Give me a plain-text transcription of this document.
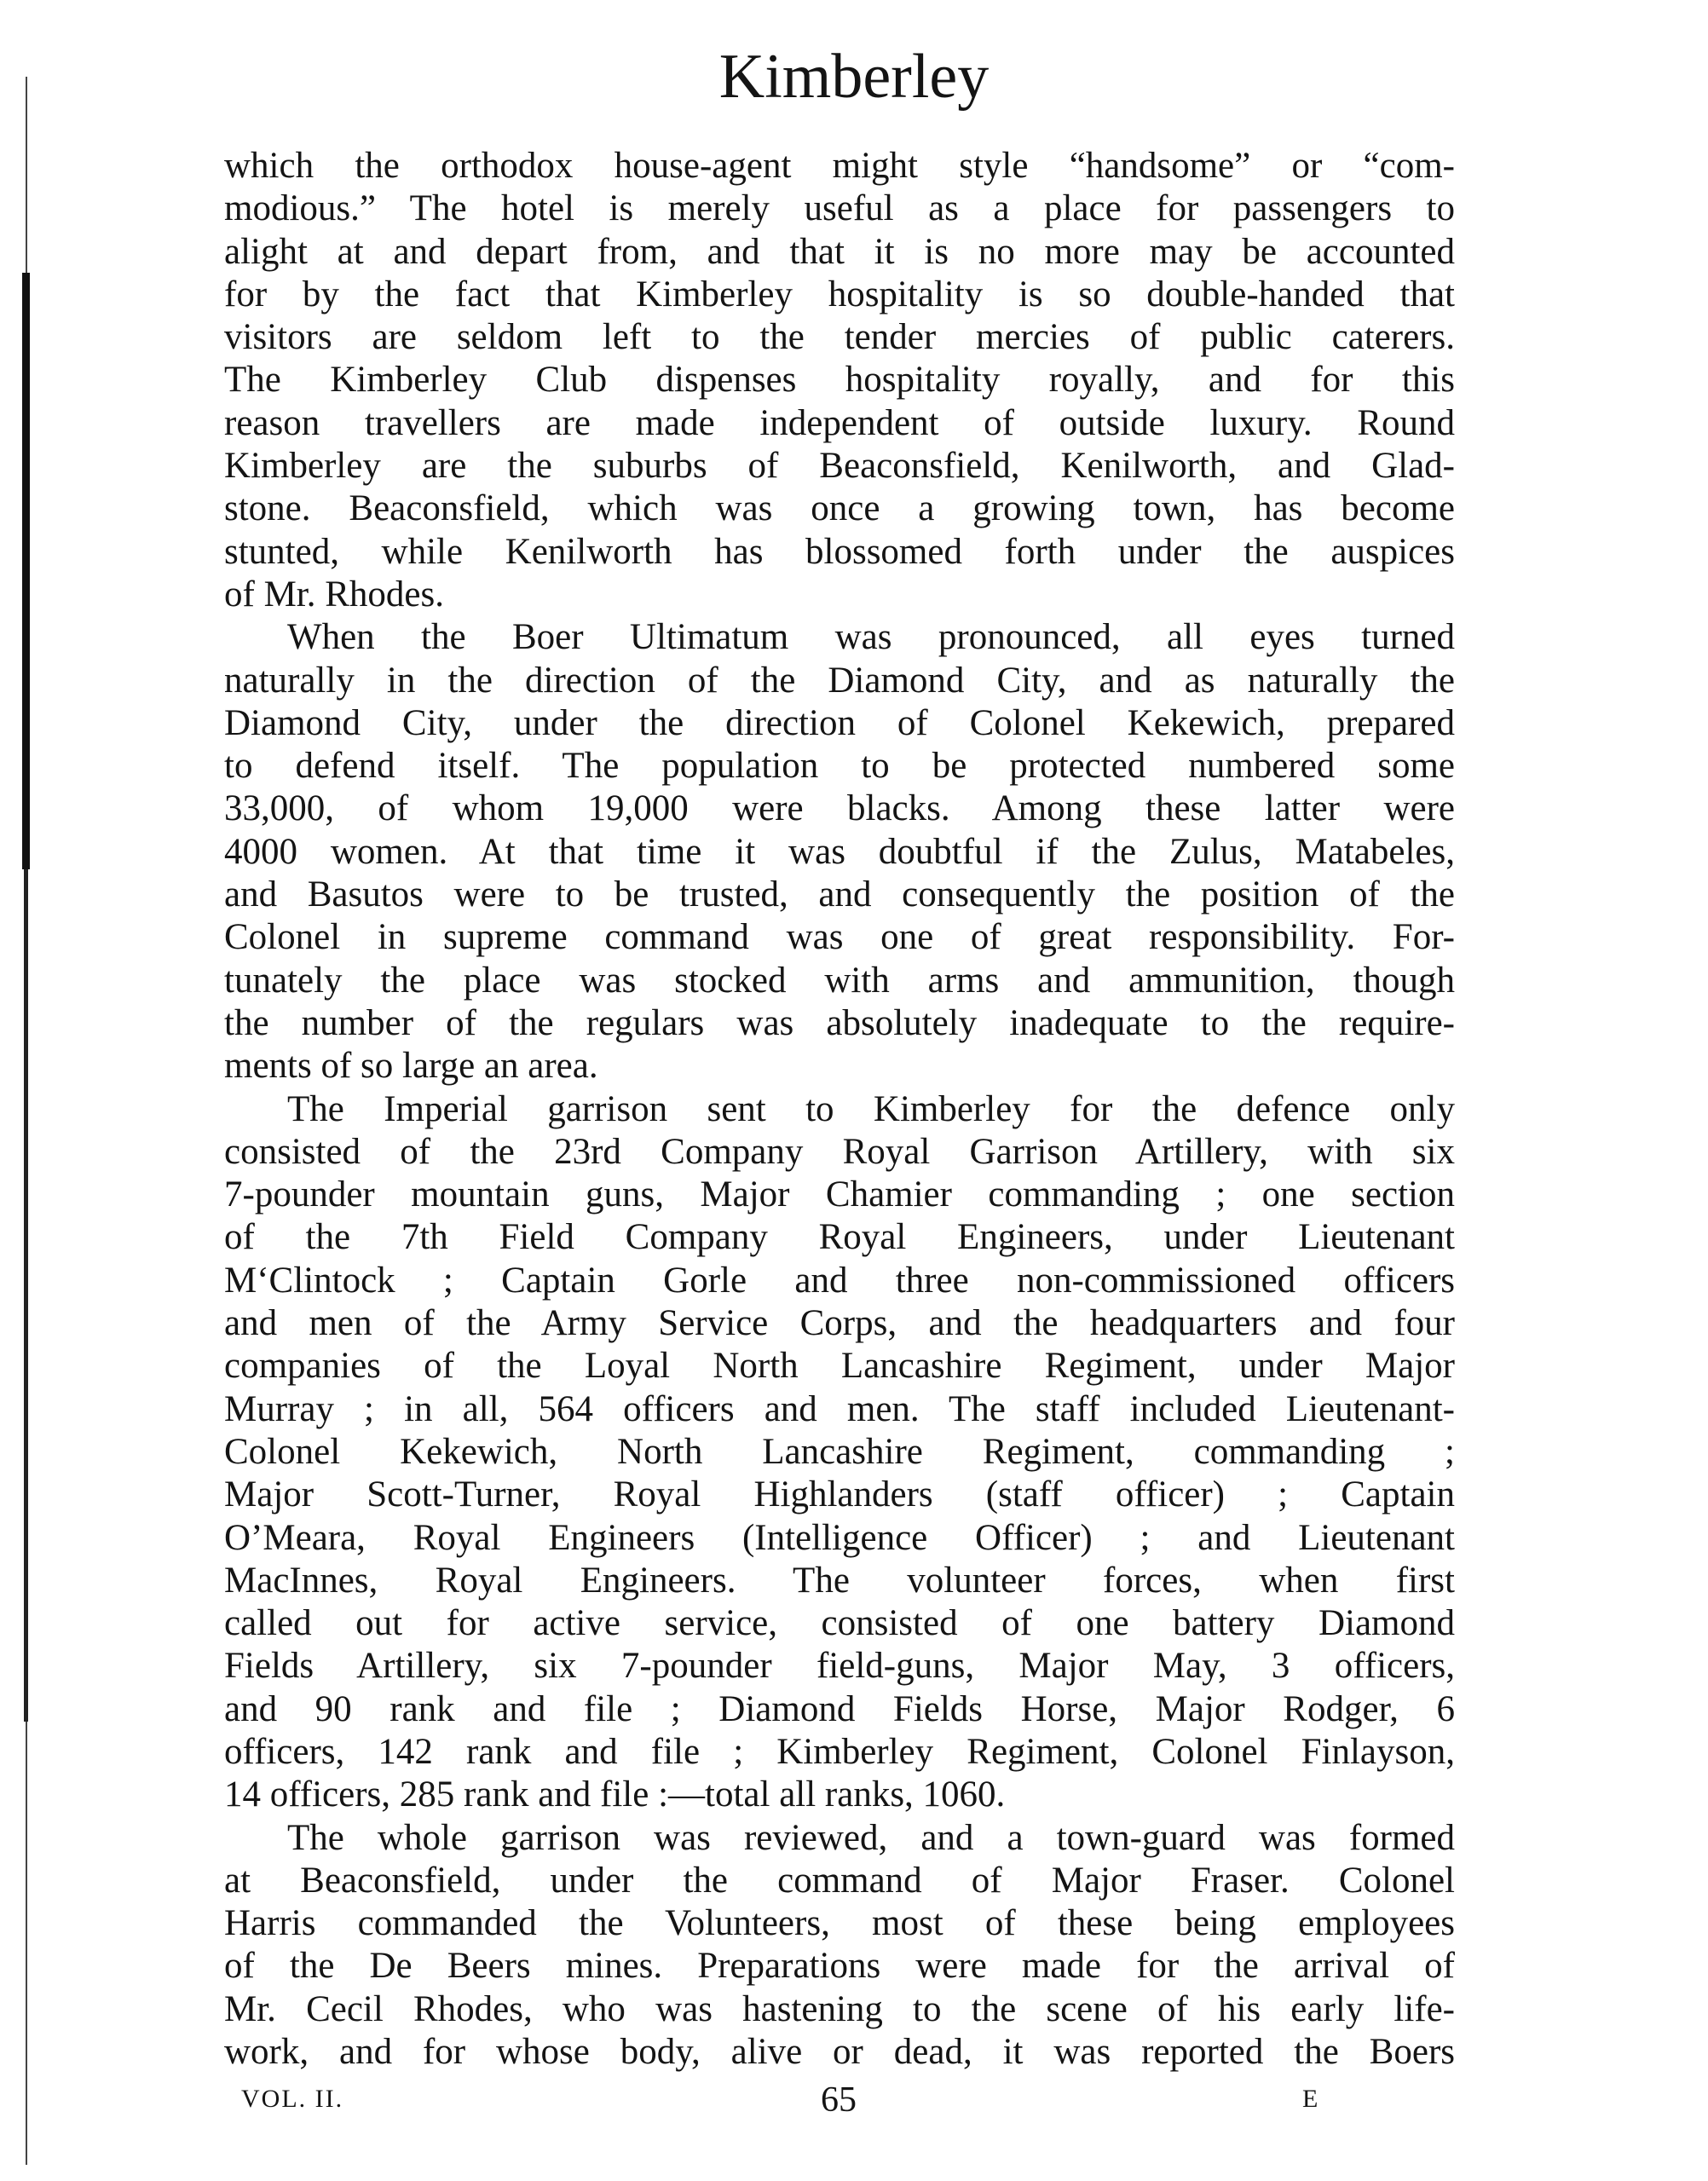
Kimberley
which the orthodox house-agent might style “handsome” or “com-
modious.” The hotel is merely useful as a place for passengers to
alight at and depart from, and that it is no more may be accounted
for by the fact that Kimberley hospitality is so double-handed that
visitors are seldom left to the tender mercies of public caterers.
The Kimberley Club dispenses hospitality royally, and for this
reason travellers are made independent of outside luxury. Round
Kimberley are the suburbs of Beaconsfield, Kenilworth, and Glad-
stone. Beaconsfield, which was once a growing town, has become
stunted, while Kenilworth has blossomed forth under the auspices
of Mr. Rhodes.
When the Boer Ultimatum was pronounced, all eyes turned
naturally in the direction of the Diamond City, and as naturally the
Diamond City, under the direction of Colonel Kekewich, prepared
to defend itself. The population to be protected numbered some
33,000, of whom 19,000 were blacks. Among these latter were
4000 women. At that time it was doubtful if the Zulus, Matabeles,
and Basutos were to be trusted, and consequently the position of the
Colonel in supreme command was one of great responsibility. For-
tunately the place was stocked with arms and ammunition, though
the number of the regulars was absolutely inadequate to the require-
ments of so large an area.
The Imperial garrison sent to Kimberley for the defence only
consisted of the 23rd Company Royal Garrison Artillery, with six
7-pounder mountain guns, Major Chamier commanding ; one section
of the 7th Field Company Royal Engineers, under Lieutenant
M‘Clintock ; Captain Gorle and three non-commissioned officers
and men of the Army Service Corps, and the headquarters and four
companies of the Loyal North Lancashire Regiment, under Major
Murray ; in all, 564 officers and men. The staff included Lieutenant-
Colonel Kekewich, North Lancashire Regiment, commanding ;
Major Scott-Turner, Royal Highlanders (staff officer) ; Captain
O’Meara, Royal Engineers (Intelligence Officer) ; and Lieutenant
MacInnes, Royal Engineers. The volunteer forces, when first
called out for active service, consisted of one battery Diamond
Fields Artillery, six 7-pounder field-guns, Major May, 3 officers,
and 90 rank and file ; Diamond Fields Horse, Major Rodger, 6
officers, 142 rank and file ; Kimberley Regiment, Colonel Finlayson,
14 officers, 285 rank and file :—total all ranks, 1060.
The whole garrison was reviewed, and a town-guard was formed
at Beaconsfield, under the command of Major Fraser. Colonel
Harris commanded the Volunteers, most of these being employees
of the De Beers mines. Preparations were made for the arrival of
Mr. Cecil Rhodes, who was hastening to the scene of his early life-
work, and for whose body, alive or dead, it was reported the Boers
VOL. II.	65	E
